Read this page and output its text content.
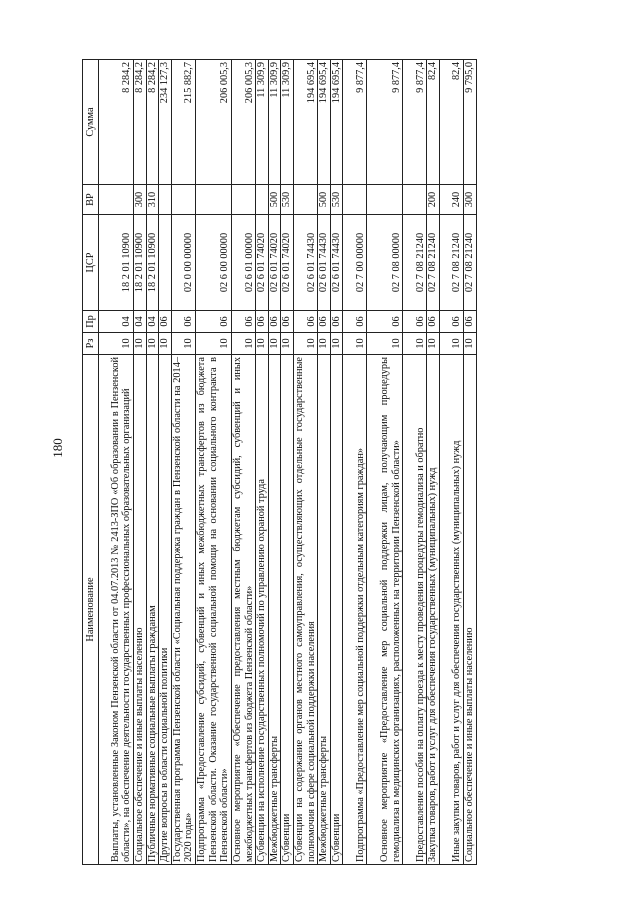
180
Наименование	Рз	Пр	ЦСР	ВР	Сумма
Выплаты, установленные Законом Пензенской области от 04.07.2013 № 2413-ЗПО «Об образовании в Пензенской области», на обеспечение деятельности государственных профессиональных образовательных организаций	10	04	18 2 01 10900		8 284,2
Социальное обеспечение и иные выплаты населению	10	04	18 2 01 10900	300	8 284,2
Публичные нормативные социальные выплаты гражданам	10	04	18 2 01 10900	310	8 284,2
Другие вопросы в области социальной политики	10	06			234 127,3
Государственная программа Пензенской области «Социальная поддержка граждан в Пензенской области на 2014–2020 годы»	10	06	02 0 00 00000		215 882,7
Подпрограмма «Предоставление субсидий, субвенций и иных межбюджетных трансфертов из бюджета Пензенской области. Оказание государственной социальной помощи на основании социального контракта в Пензенской области»	10	06	02 6 00 00000		206 005,3
Основное мероприятие «Обеспечение предоставления местным бюджетам субсидий, субвенций и иных межбюджетных трансфертов из бюджета Пензенской области»	10	06	02 6 01 00000		206 005,3
Субвенции на исполнение государственных полномочий по управлению охраной труда	10	06	02 6 01 74020		11 309,9
Межбюджетные трансферты	10	06	02 6 01 74020	500	11 309,9
Субвенции	10	06	02 6 01 74020	530	11 309,9
Субвенции на содержание органов местного самоуправления, осуществляющих отдельные государственные полномочия в сфере социальной поддержки населения	10	06	02 6 01 74430		194 695,4
Межбюджетные трансферты	10	06	02 6 01 74430	500	194 695,4
Субвенции	10	06	02 6 01 74430	530	194 695,4
Подпрограмма «Предоставление мер социальной поддержки отдельным категориям граждан»	10	06	02 7 00 00000		9 877,4
Основное мероприятие «Предоставление мер социальной поддержки лицам, получающим процедуры гемодиализа в медицинских организациях, расположенных на территории Пензенской области»	10	06	02 7 08 00000		9 877,4
Предоставление пособия на оплату проезда к месту проведения процедуры гемодиализа и обратно	10	06	02 7 08 21240		9 877,4
Закупка товаров, работ и услуг для обеспечения государственных (муниципальных) нужд	10	06	02 7 08 21240	200	82,4
Иные закупки товаров, работ и услуг для обеспечения государственных (муниципальных) нужд	10	06	02 7 08 21240	240	82,4
Социальное обеспечение и иные выплаты населению	10	06	02 7 08 21240	300	9 795,0
